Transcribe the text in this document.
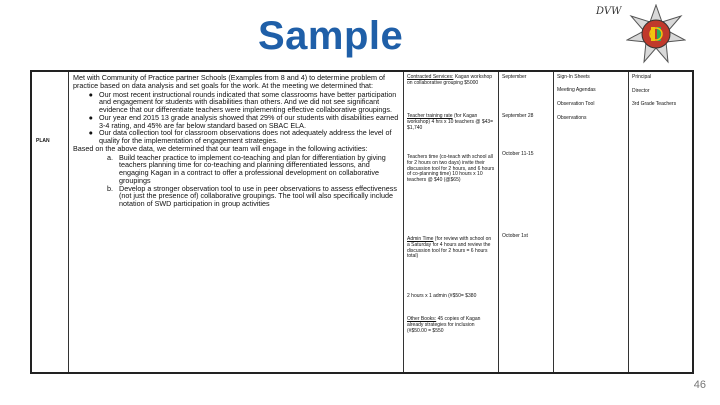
Sample
DVW
PLAN

Met with Community of Practice partner Schools (Examples from 8 and 4) to determine problem of practice based on data analysis and set goals for the work. At the meeting we determined that:

● Our most recent instructional rounds indicated that some classrooms have better participation and engagement for students with disabilities than others. And we did not see significant evidence that our differentiate teachers were implementing effective collaborative groupings.
● Our year end 2015 13 grade analysis showed that 29% of our students with disabilities earned 3-4 rating, and 45% are far below standard based on SBAC ELA.
● Our data collection tool for classroom observations does not adequately address the level of quality for the implementation of engagement strategies.

Based on the above data, we determined that our team will engage in the following activities:

a. Build teacher practice to implement co-teaching and plan for differentiation by giving teachers planning time for co-teaching and planning differentiated lessons, and engaging Kagan in a contract to offer a professional development on collaborative groupings
b. Develop a stronger observation tool to use in peer observations to assess effectiveness (not just the presence of) collaborative groupings. The tool will also specifically include notation of SWD participation in group activities
Contracted Services: Kagan workshop on collaborative grouping $5000
Teacher training rate (for Kagan workshop) 4 hrs x 10 teachers @ $43= $1,740
Teachers time (co-teach with school all for 2 hours on two days) invite their discussion tool for 2 hours, and 6 hours of co-planning time) 10 hours x 10 teachers @ $40 (@$65)
Admin Time (for review with school on a Saturday for 4 hours and review the discussion tool for 2 hours = 6 hours total)
2 hours x 1 admin (#$50= $380
Other Books: 45 copies of Kagan already strategies for inclusion (#$50.00 = $550
September
September 28
October 11-15
October 1st
Sign-In Sheets
Meeting Agendas
Observation Tool
Observations
Principal
Director
3rd Grade Teachers
46
